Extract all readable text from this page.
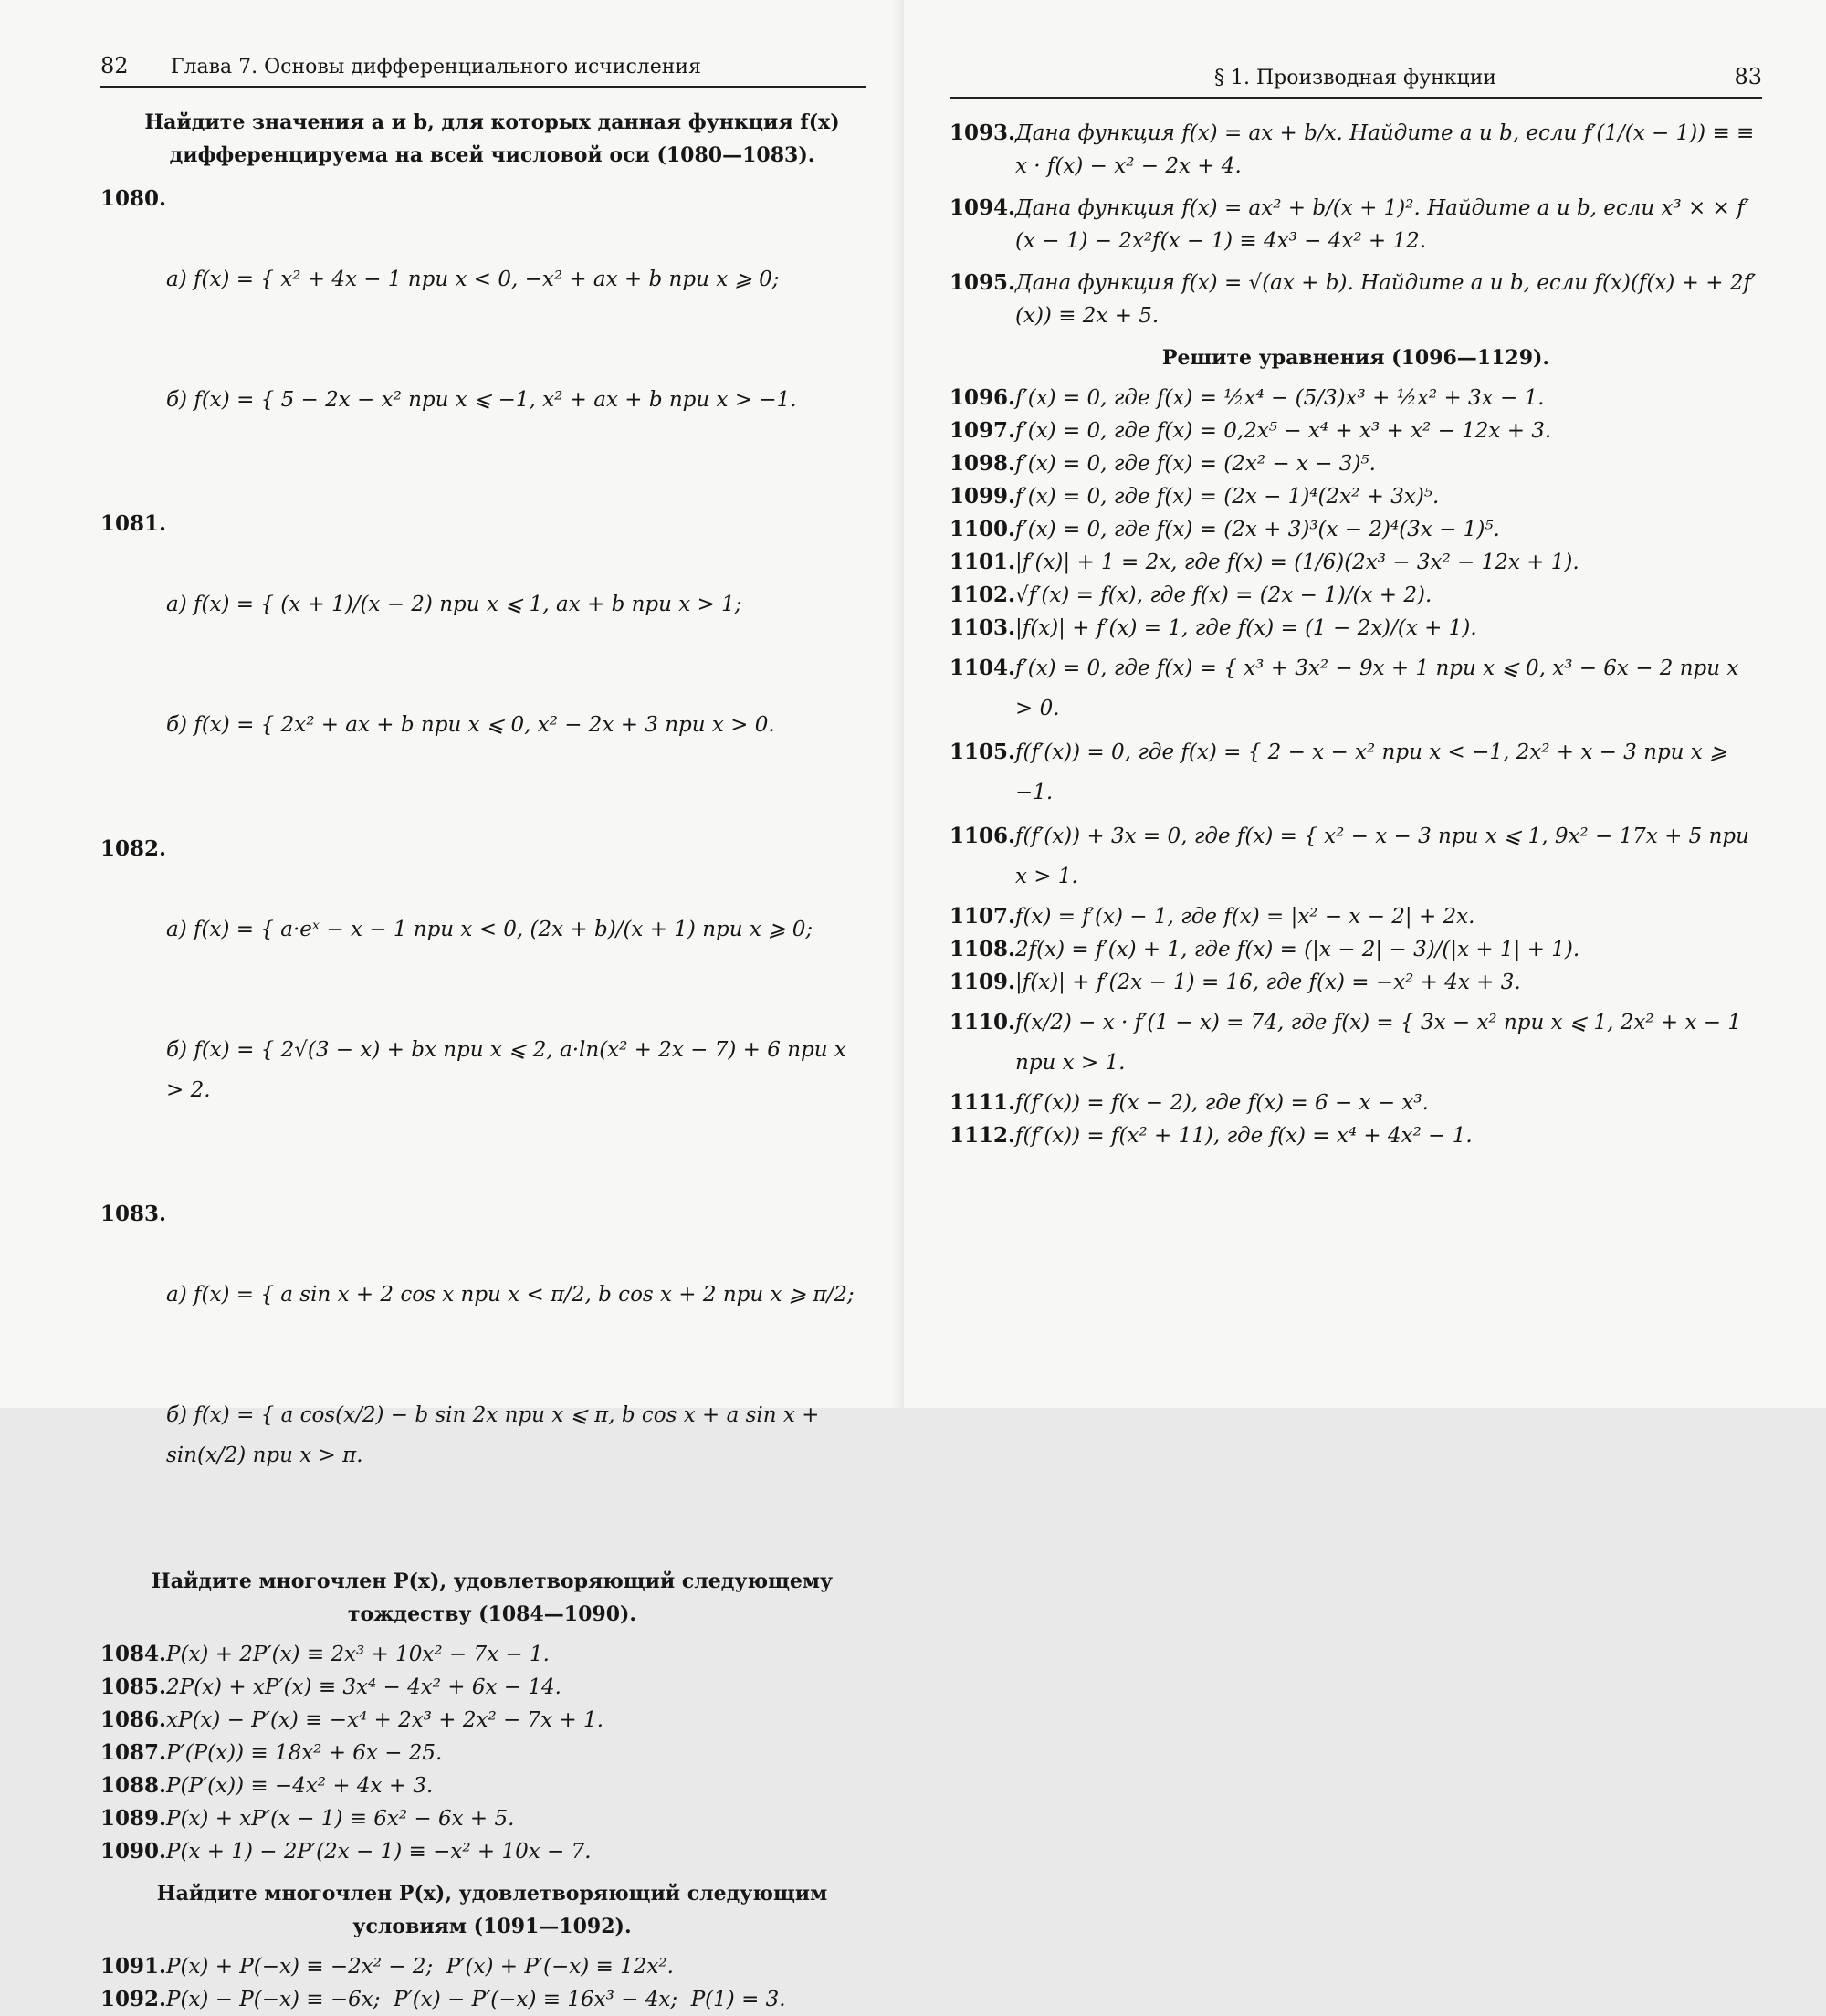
82 Глава 7. Основы дифференциального исчисления
Найдите значения a и b, для которых данная функция f(x) дифференцируема на всей числовой оси (1080—1083).
1080.

а) f(x) = { x² + 4x − 1 при x < 0, −x² + ax + b при x ⩾ 0;

б) f(x) = { 5 − 2x − x² при x ⩽ −1, x² + ax + b при x > −1.

1081.

а) f(x) = { (x + 1)/(x − 2) при x ⩽ 1, ax + b при x > 1;

б) f(x) = { 2x² + ax + b при x ⩽ 0, x² − 2x + 3 при x > 0.

1082.

а) f(x) = { a·eˣ − x − 1 при x < 0, (2x + b)/(x + 1) при x ⩾ 0;

б) f(x) = { 2√(3 − x) + bx при x ⩽ 2, a·ln(x² + 2x − 7) + 6 при x > 2.

1083.

а) f(x) = { a sin x + 2 cos x при x < π/2, b cos x + 2 при x ⩾ π/2;

б) f(x) = { a cos(x/2) − b sin 2x при x ⩽ π, b cos x + a sin x + sin(x/2) при x > π.

Найдите многочлен P(x), удовлетворяющий следующему тождеству (1084—1090).
1084. P(x) + 2P′(x) ≡ 2x³ + 10x² − 7x − 1.
1085. 2P(x) + xP′(x) ≡ 3x⁴ − 4x² + 6x − 14.
1086. xP(x) − P′(x) ≡ −x⁴ + 2x³ + 2x² − 7x + 1.
1087. P′(P(x)) ≡ 18x² + 6x − 25.
1088. P(P′(x)) ≡ −4x² + 4x + 3.
1089. P(x) + xP′(x − 1) ≡ 6x² − 6x + 5.
1090. P(x + 1) − 2P′(2x − 1) ≡ −x² + 10x − 7.
Найдите многочлен P(x), удовлетворяющий следующим условиям (1091—1092).
1091. P(x) + P(−x) ≡ −2x² − 2;  P′(x) + P′(−x) ≡ 12x².
1092. P(x) − P(−x) ≡ −6x;  P′(x) − P′(−x) ≡ 16x³ − 4x;  P(1) = 3.
§ 1. Производная функции	83
1093. Дана функция f(x) = ax + b/x. Найдите a и b, если f′(1/(x − 1)) ≡ ≡ x · f(x) − x² − 2x + 4.
1094. Дана функция f(x) = ax² + b/(x + 1)². Найдите a и b, если x³ × × f′(x − 1) − 2x²f(x − 1) ≡ 4x³ − 4x² + 12.
1095. Дана функция f(x) = √(ax + b). Найдите a и b, если f(x)(f(x) + + 2f′(x)) ≡ 2x + 5.
Решите уравнения (1096—1129).
1096. f′(x) = 0, где f(x) = ½x⁴ − (5/3)x³ + ½x² + 3x − 1.
1097. f′(x) = 0, где f(x) = 0,2x⁵ − x⁴ + x³ + x² − 12x + 3.
1098. f′(x) = 0, где f(x) = (2x² − x − 3)⁵.
1099. f′(x) = 0, где f(x) = (2x − 1)⁴(2x² + 3x)⁵.
1100. f′(x) = 0, где f(x) = (2x + 3)³(x − 2)⁴(3x − 1)⁵.
1101. |f′(x)| + 1 = 2x, где f(x) = (1/6)(2x³ − 3x² − 12x + 1).
1102. √f′(x) = f(x), где f(x) = (2x − 1)/(x + 2).
1103. |f(x)| + f′(x) = 1, где f(x) = (1 − 2x)/(x + 1).
1104. f′(x) = 0, где f(x) = { x³ + 3x² − 9x + 1 при x ⩽ 0, x³ − 6x − 2 при x > 0.
1105. f(f′(x)) = 0, где f(x) = { 2 − x − x² при x < −1, 2x² + x − 3 при x ⩾ −1.
1106. f(f′(x)) + 3x = 0, где f(x) = { x² − x − 3 при x ⩽ 1, 9x² − 17x + 5 при x > 1.
1107. f(x) = f′(x) − 1, где f(x) = |x² − x − 2| + 2x.
1108. 2f(x) = f′(x) + 1, где f(x) = (|x − 2| − 3)/(|x + 1| + 1).
1109. |f(x)| + f′(2x − 1) = 16, где f(x) = −x² + 4x + 3.
1110. f(x/2) − x · f′(1 − x) = 74, где f(x) = { 3x − x² при x ⩽ 1, 2x² + x − 1 при x > 1.
1111. f(f′(x)) = f(x − 2), где f(x) = 6 − x − x³.
1112. f(f′(x)) = f(x² + 11), где f(x) = x⁴ + 4x² − 1.
